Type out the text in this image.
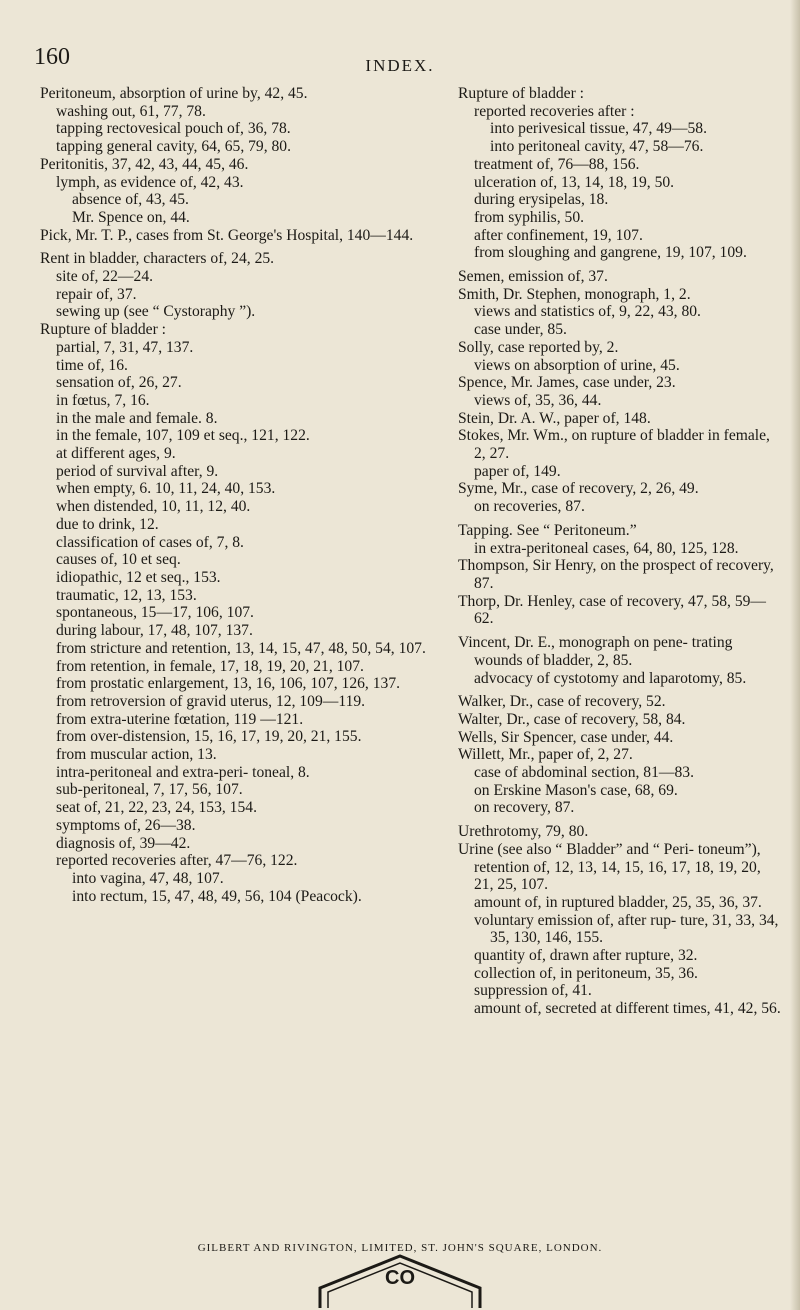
160	INDEX.
Peritoneum, absorption of urine by, 42, 45.
washing out, 61, 77, 78.
tapping rectovesical pouch of, 36, 78.
tapping general cavity, 64, 65, 79, 80.
Peritonitis, 37, 42, 43, 44, 45, 46.
lymph, as evidence of, 42, 43.
absence of, 43, 45.
Mr. Spence on, 44.
Pick, Mr. T. P., cases from St. George's Hospital, 140—144.
Rent in bladder, characters of, 24, 25.
site of, 22—24.
repair of, 37.
sewing up (see “ Cystoraphy ”).
Rupture of bladder :
partial, 7, 31, 47, 137.
time of, 16.
sensation of, 26, 27.
in fœtus, 7, 16.
in the male and female. 8.
in the female, 107, 109 et seq., 121, 122.
at different ages, 9.
period of survival after, 9.
when empty, 6. 10, 11, 24, 40, 153.
when distended, 10, 11, 12, 40.
due to drink, 12.
classification of cases of, 7, 8.
causes of, 10 et seq.
idiopathic, 12 et seq., 153.
traumatic, 12, 13, 153.
spontaneous, 15—17, 106, 107.
during labour, 17, 48, 107, 137.
from stricture and retention, 13, 14, 15, 47, 48, 50, 54, 107.
from retention, in female, 17, 18, 19, 20, 21, 107.
from prostatic enlargement, 13, 16, 106, 107, 126, 137.
from retroversion of gravid uterus, 12, 109—119.
from extra-uterine fœtation, 119 —121.
from over-distension, 15, 16, 17, 19, 20, 21, 155.
from muscular action, 13.
intra-peritoneal and extra-peri- toneal, 8.
sub-peritoneal, 7, 17, 56, 107.
seat of, 21, 22, 23, 24, 153, 154.
symptoms of, 26—38.
diagnosis of, 39—42.
reported recoveries after, 47—76, 122.
into vagina, 47, 48, 107.
into rectum, 15, 47, 48, 49, 56, 104 (Peacock).
Rupture of bladder :
reported recoveries after :
into perivesical tissue, 47, 49—58.
into peritoneal cavity, 47, 58—76.
treatment of, 76—88, 156.
ulceration of, 13, 14, 18, 19, 50.
during erysipelas, 18.
from syphilis, 50.
after confinement, 19, 107.
from sloughing and gangrene, 19, 107, 109.
Semen, emission of, 37.
Smith, Dr. Stephen, monograph, 1, 2.
views and statistics of, 9, 22, 43, 80.
case under, 85.
Solly, case reported by, 2.
views on absorption of urine, 45.
Spence, Mr. James, case under, 23.
views of, 35, 36, 44.
Stein, Dr. A. W., paper of, 148.
Stokes, Mr. Wm., on rupture of bladder in female, 2, 27.
paper of, 149.
Syme, Mr., case of recovery, 2, 26, 49.
on recoveries, 87.
Tapping. See “ Peritoneum.”
in extra-peritoneal cases, 64, 80, 125, 128.
Thompson, Sir Henry, on the prospect of recovery, 87.
Thorp, Dr. Henley, case of recovery, 47, 58, 59—62.
Vincent, Dr. E., monograph on pene- trating wounds of bladder, 2, 85.
advocacy of cystotomy and laparotomy, 85.
Walker, Dr., case of recovery, 52.
Walter, Dr., case of recovery, 58, 84.
Wells, Sir Spencer, case under, 44.
Willett, Mr., paper of, 2, 27.
case of abdominal section, 81—83.
on Erskine Mason's case, 68, 69.
on recovery, 87.
Urethrotomy, 79, 80.
Urine (see also “ Bladder” and “ Peri- toneum”), retention of, 12, 13, 14, 15, 16, 17, 18, 19, 20, 21, 25, 107.
amount of, in ruptured bladder, 25, 35, 36, 37.
voluntary emission of, after rup- ture, 31, 33, 34, 35, 130, 146, 155.
quantity of, drawn after rupture, 32.
collection of, in peritoneum, 35, 36.
suppression of, 41.
amount of, secreted at different times, 41, 42, 56.
GILBERT AND RIVINGTON, LIMITED, ST. JOHN'S SQUARE, LONDON.
CO
